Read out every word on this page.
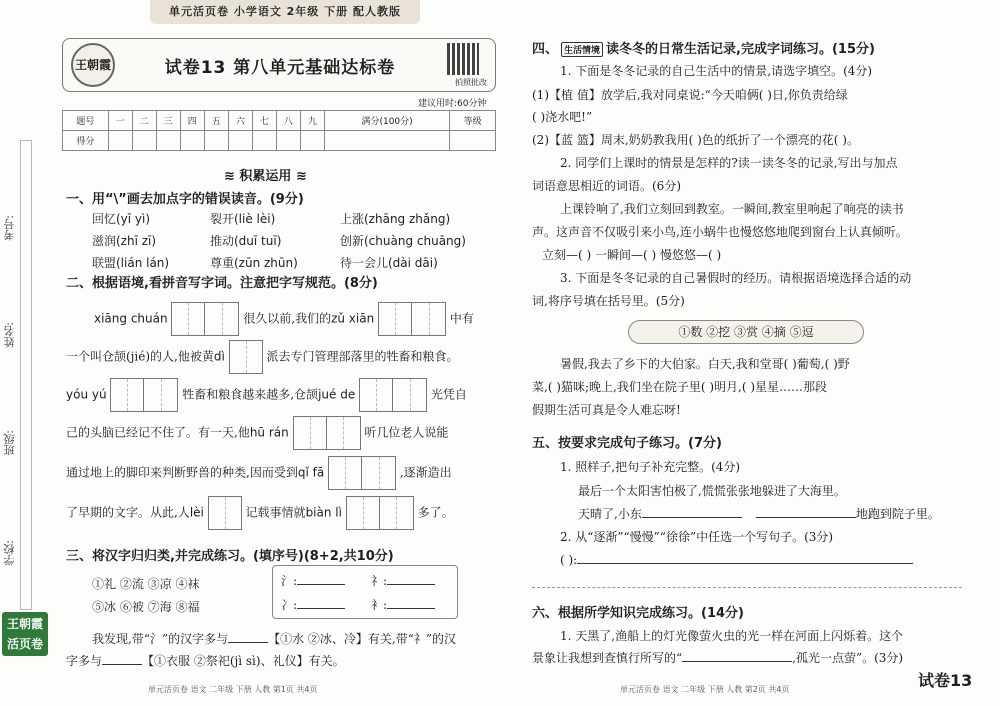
考号:
姓名:
班级:
学校:
王朝霞
活页卷
单元活页卷 小学语文 2年级 下册 配人教版
王朝霞	试卷13 第八单元基础达标卷
拍照批改
建议用时:60分钟
题号	一	二	三	四	五	六	七	八	九	满分(100分)	等级
得分											
≋ 积累运用 ≋
一、用“\”画去加点字的错误读音。(9分)
回忆(yī yì)	裂开(liè lèi)	上涨(zhāng zhǎng)
滋润(zhī zī)	推动(duī tuī)	创新(chuàng chuāng)
联盟(lián lán)	尊重(zūn zhūn)	待一会儿(dài dāi)
二、根据语境,看拼音写字词。注意把字写规范。(8分)
xiāng chuán	很久以前,我们的zǔ xiān	中有
一个叫仓颉(jié)的人,他被黄dì	派去专门管理部落里的牲畜和粮食。
yóu yú	牲畜和粮食越来越多,仓颉jué de	光凭自
己的头脑已经记不住了。有一天,他hū rán	听几位老人说能
通过地上的脚印来判断野兽的种类,因而受到qǐ fā	,逐渐造出
了早期的文字。从此,人lèi	记载事情就biàn lì	多了。
三、将汉字归归类,并完成练习。(填序号)(8+2,共10分)
①礼 ②流 ③凉 ④袜
⑤冰 ⑥被 ⑦海 ⑧福
氵:	礻:
冫:	衤:
我发现,带“氵”的汉字多与	【①水 ②冰、冷】有关,带“礻”的汉
字多与	【①衣服 ②祭祀(jì sì)、礼仪】有关。
单元活页卷 语文 二年级 下册 人教 第1页 共4页
四、 生活情境 读冬冬的日常生活记录,完成字词练习。(15分)
1. 下面是冬冬记录的自己生活中的情景,请选字填空。(4分)
(1)【植 值】放学后,我对同桌说:“今天咱俩( )日,你负责给绿
( )浇水吧!”
(2)【蓝 篮】周末,奶奶教我用( )色的纸折了一个漂亮的花( )。
2. 同学们上课时的情景是怎样的?读一读冬冬的记录,写出与加点
词语意思相近的词语。(6分)
上课铃响了,我们立刻回到教室。一瞬间,教室里响起了响亮的读书
声。这声音不仅吸引来小鸟,连小蜗牛也慢悠悠地爬到窗台上认真倾听。
立刻—( ) 一瞬间—( ) 慢悠悠—( )
3. 下面是冬冬记录的自己暑假时的经历。请根据语境选择合适的动
词,将序号填在括号里。(5分)
①数 ②挖 ③赏 ④摘 ⑤逗
暑假,我去了乡下的大伯家。白天,我和堂哥( )葡萄,( )野
菜,( )猫咪;晚上,我们坐在院子里( )明月,( )星星……那段
假期生活可真是令人难忘呀!
五、按要求完成句子练习。(7分)
1. 照样子,把句子补充完整。(4分)
最后一个太阳害怕极了,慌慌张张地躲进了大海里。
天晴了,小东	地跑到院子里。
2. 从“逐渐”“慢慢”“徐徐”中任选一个写句子。(3分)
( ):
六、根据所学知识完成练习。(14分)
1. 天黑了,渔船上的灯光像萤火虫的光一样在河面上闪烁着。这个
景象让我想到查慎行所写的“	,孤光一点萤”。(3分)
单元活页卷 语文 二年级 下册 人教 第2页 共4页	试卷13
